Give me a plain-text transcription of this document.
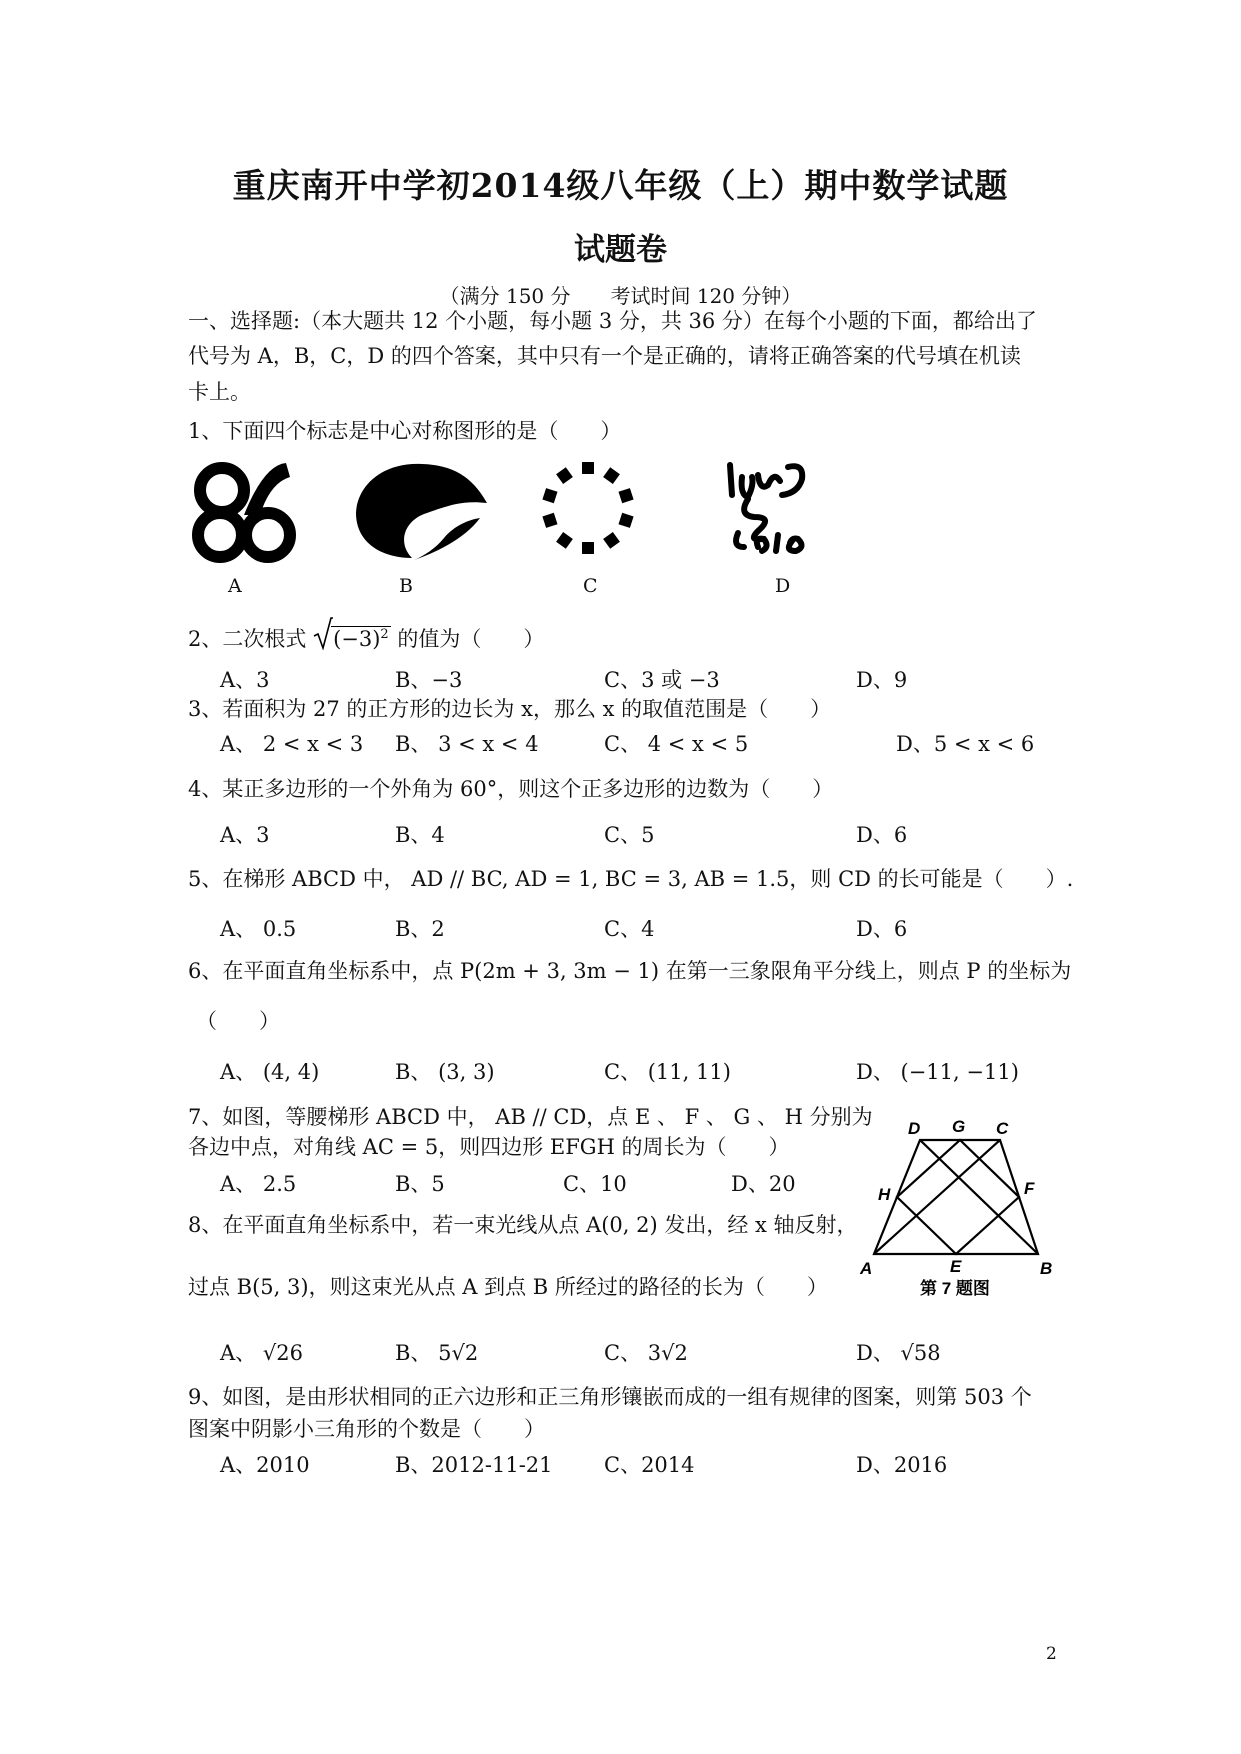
重庆南开中学初2014级八年级（上）期中数学试题
试题卷
（满分 150 分　　考试时间 120 分钟）
一、选择题:（本大题共 12 个小题，每小题 3 分，共 36 分）在每个小题的下面，都给出了
代号为 A，B，C，D 的四个答案，其中只有一个是正确的，请将正确答案的代号填在机读
卡上。
1、下面四个标志是中心对称图形的是（　　）
A	B	C	D
2、二次根式 $(-3)^2$ 的值为（　　）
A、3	B、−3	C、3 或 −3	D、9
3、若面积为 27 的正方形的边长为 x，那么 x 的取值范围是（　　）
A、 2 < x < 3 B、 3 < x < 4	C、 4 < x < 5	D、5 < x < 6
4、某正多边形的一个外角为 60°，则这个正多边形的边数为（　　）
A、3	B、4	C、5	D、6
5、在梯形 ABCD 中， AD // BC, AD = 1, BC = 3, AB = 1.5，则 CD 的长可能是（　　）.
A、 0.5	B、2	C、4	D、6
6、在平面直角坐标系中，点 P(2m + 3, 3m − 1) 在第一三象限角平分线上，则点 P 的坐标为
（　　）
A、 (4, 4)	B、 (3, 3)	C、 (11, 11)	D、 (−11, −11)
7、如图，等腰梯形 ABCD 中， AB // CD，点 E 、 F 、 G 、 H 分别为
各边中点，对角线 AC = 5，则四边形 EFGH 的周长为（　　）
A、 2.5	B、5	C、10	D、20
D G C
H	F
A	E	B
第 7 题图
8、在平面直角坐标系中，若一束光线从点 A(0, 2) 发出，经 x 轴反射，
过点 B(5, 3)，则这束光从点 A 到点 B 所经过的路径的长为（　　）
A、 √26	B、 5√2	C、 3√2	D、 √58
9、如图，是由形状相同的正六边形和正三角形镶嵌而成的一组有规律的图案，则第 503 个
图案中阴影小三角形的个数是（　　）
A、2010	B、2012-11-21 C、2014	D、2016
2
